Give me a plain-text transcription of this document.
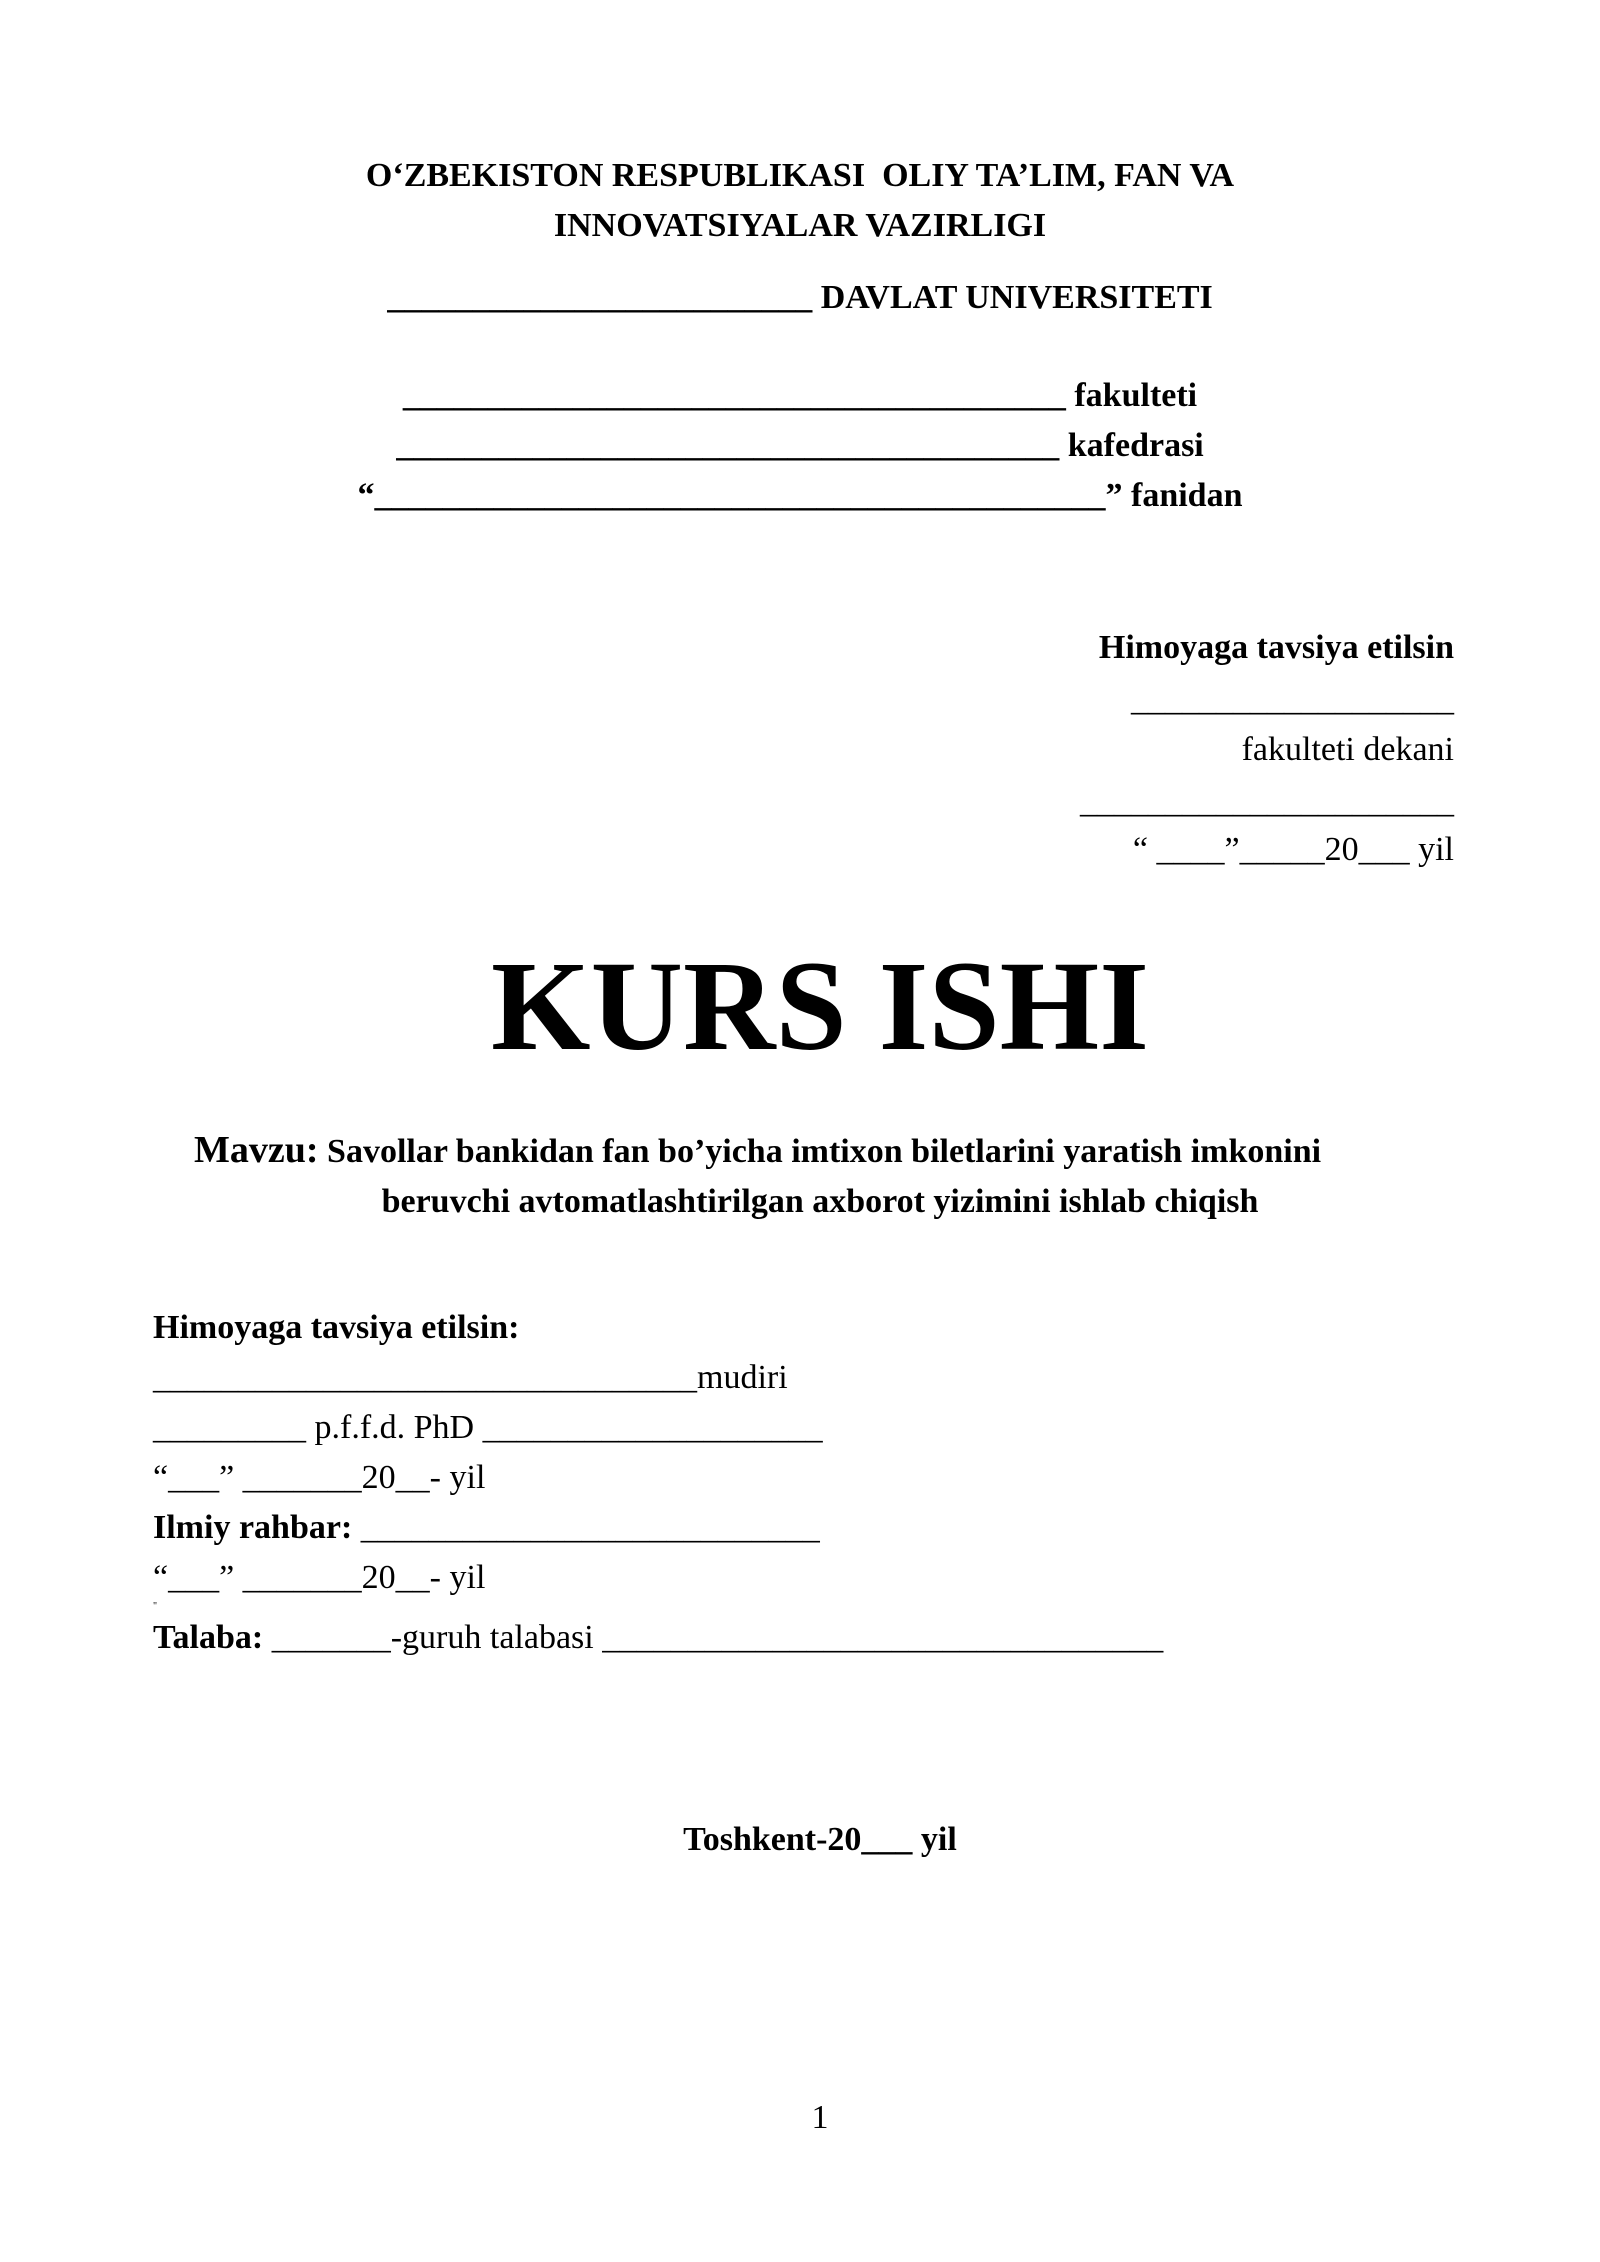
O‘ZBEKISTON RESPUBLIKASI  OLIY TA’LIM, FAN VA
INNOVATSIYALAR VAZIRLIGI
_________________________ DAVLAT UNIVERSITETI
_______________________________________ fakulteti
_______________________________________ kafedrasi
“___________________________________________” fanidan
Himoyaga tavsiya etilsin
___________________
fakulteti dekani
______________________
“ ____”_____20___ yil
KURS ISHI
Mavzu: Savollar bankidan fan bo’yicha imtixon biletlarini yaratish imkonini
beruvchi avtomatlashtirilgan axborot yizimini ishlab chiqish
Himoyaga tavsiya etilsin:
________________________________mudiri
_________ p.f.f.d. PhD ____________________
“___” _______20__- yil
Ilmiy rahbar: ___________________________
“___” _______20__- yil
"
Talaba: _______-guruh talabasi _________________________________
Toshkent-20___ yil
1
